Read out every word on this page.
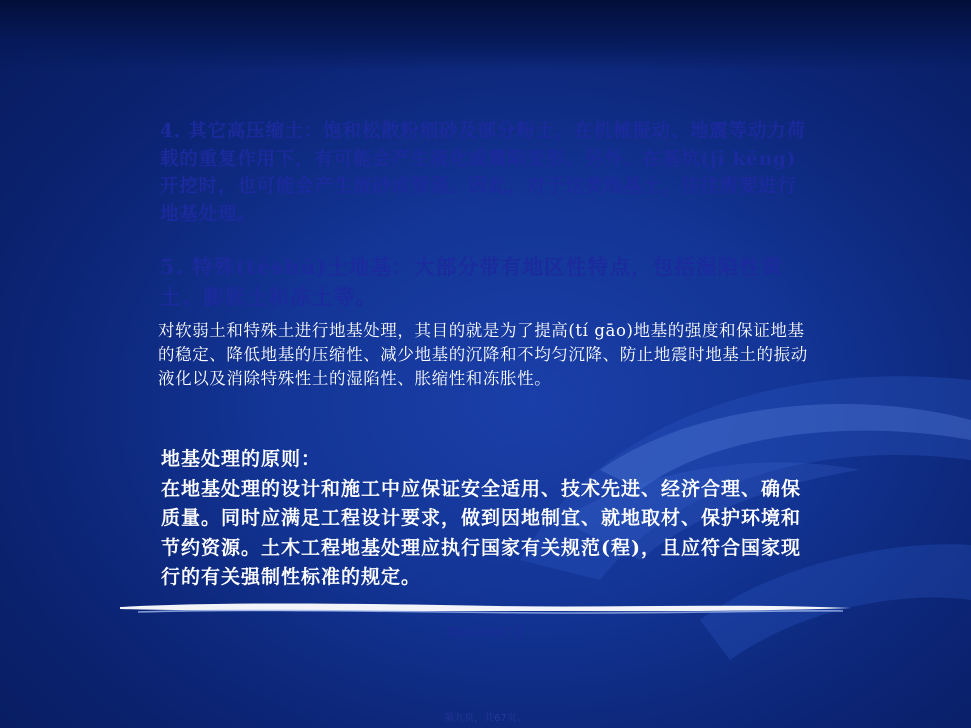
4. 其它高压缩土：饱和松散粉细砂及部分粉土，在机械振动、地震等动力荷载的重复作用下，有可能会产生液化或震陷变形。另外，在基坑(jī kēng)开挖时，也可能会产生流砂或管涌。因此，对于这类地基土，往往需要进行地基处理。
5. 特殊(tèshū)土地基：大部分带有地区性特点，包括湿陷性黄土、膨胀土和冻土等。
对软弱土和特殊土进行地基处理，其目的就是为了提高(tí gāo)地基的强度和保证地基的稳定、降低地基的压缩性、减少地基的沉降和不均匀沉降、防止地震时地基土的振动液化以及消除特殊性土的湿陷性、胀缩性和冻胀性。
地基处理的原则：
在地基处理的设计和施工中应保证安全适用、技术先进、经济合理、确保质量。同时应满足工程设计要求，做到因地制宜、就地取材、保护环境和节约资源。土木工程地基处理应执行国家有关规范(程)，且应符合国家现行的有关强制性标准的规定。
第8页/共67页
第九页，共67页。
